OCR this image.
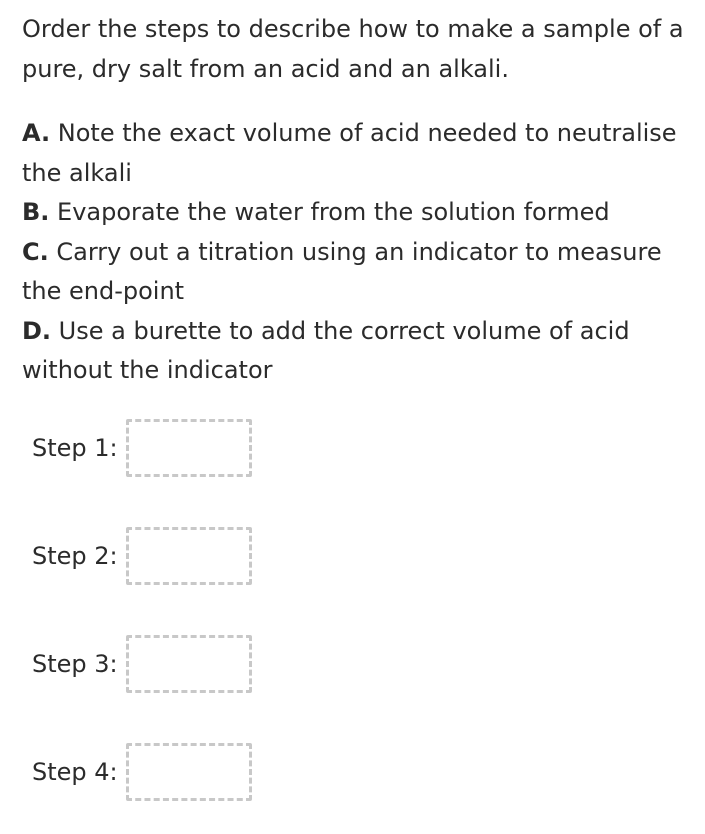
Order the steps to describe how to make a sample of a pure, dry salt from an acid and an alkali.

A. Note the exact volume of acid needed to neutralise the alkali
B. Evaporate the water from the solution formed
C. Carry out a titration using an indicator to measure the end-point
D. Use a burette to add the correct volume of acid without the indicator
Step 1:
Step 2:
Step 3:
Step 4:
